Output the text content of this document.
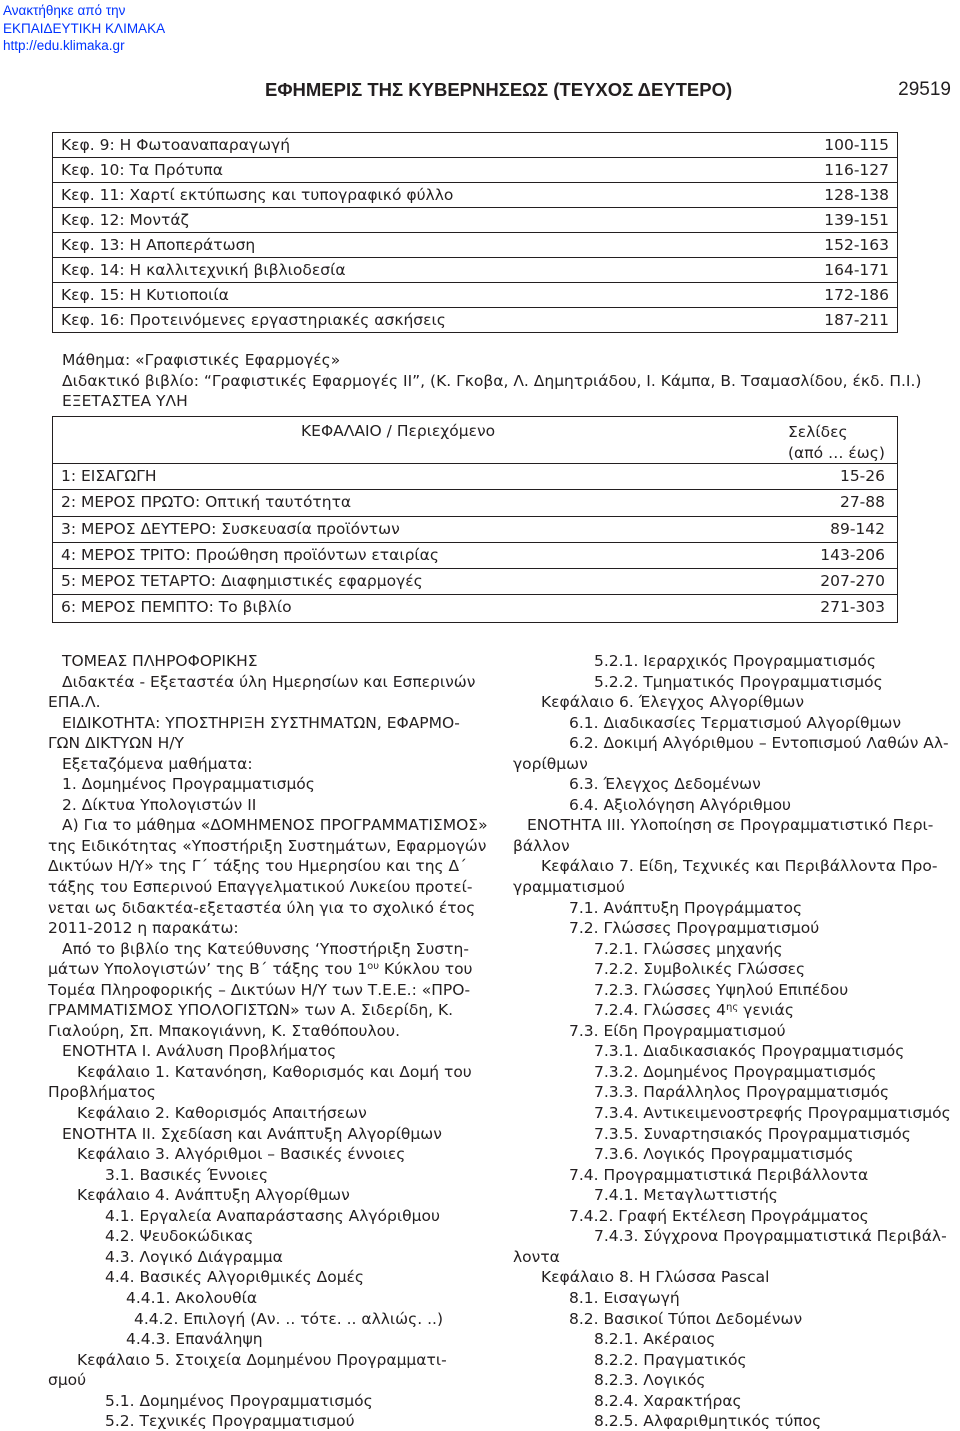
Ανακτήθηκε από την
ΕΚΠΑΙΔΕΥΤΙΚΗ ΚΛΙΜΑΚΑ
http://edu.klimaka.gr
ΕΦΗΜΕΡΙΣ ΤΗΣ ΚΥΒΕΡΝΗΣΕΩΣ (ΤΕΥΧΟΣ ΔΕΥΤΕΡΟ)	29519
Κεφ. 9: Η Φωτοαναπαραγωγή	100-115
Κεφ. 10: Τα Πρότυπα	116-127
Κεφ. 11: Χαρτί εκτύπωσης και τυπογραφικό φύλλο	128-138
Κεφ. 12: Μοντάζ	139-151
Κεφ. 13: Η Αποπεράτωση	152-163
Κεφ. 14: Η καλλιτεχνική βιβλιοδεσία	164-171
Κεφ. 15: Η Κυτιοποιία	172-186
Κεφ. 16: Προτεινόμενες εργαστηριακές ασκήσεις	187-211
Μάθημα: «Γραφιστικές Εφαρμογές»
Διδακτικό βιβλίο: “Γραφιστικές Εφαρμογές ΙΙ”, (Κ. Γκοβα, Λ. Δημητριάδου, Ι. Κάμπα, Β. Τσαμασλίδου, έκδ. Π.Ι.)
ΕΞΕΤΑΣΤΕΑ ΥΛΗ
ΚΕΦΑΛΑΙΟ / Περιεχόμενο	Σελίδες
(από … έως)
1: ΕΙΣΑΓΩΓΗ	15-26
2: ΜΕΡΟΣ ΠΡΩΤΟ: Οπτική ταυτότητα	27-88
3: ΜΕΡΟΣ ΔΕΥΤΕΡΟ: Συσκευασία προϊόντων	89-142
4: ΜΕΡΟΣ ΤΡΙΤΟ: Προώθηση προϊόντων εταιρίας	143-206
5: ΜΕΡΟΣ ΤΕΤΑΡΤΟ: Διαφημιστικές εφαρμογές	207-270
6: ΜΕΡΟΣ ΠΕΜΠΤΟ: Το βιβλίο	271-303
ΤΟΜΕΑΣ ΠΛΗΡΟΦΟΡΙΚΗΣ
Διδακτέα - Εξεταστέα ύλη Ημερησίων και Εσπερινών
ΕΠΑ.Λ.
ΕΙΔΙΚΟΤΗΤΑ: ΥΠΟΣΤΗΡΙΞΗ ΣΥΣΤΗΜΑΤΩΝ, ΕΦΑΡΜΟ-
ΓΩΝ ΔΙΚΤΥΩΝ Η/Υ
Εξεταζόμενα μαθήματα:
1. Δομημένος Προγραμματισμός
2. Δίκτυα Υπολογιστών ΙΙ
Α) Για το μάθημα «ΔΟΜΗΜΕΝΟΣ ΠΡΟΓΡΑΜΜΑΤΙΣΜΟΣ»
της Ειδικότητας «Υποστήριξη Συστημάτων, Εφαρμογών
Δικτύων Η/Υ» της Γ΄ τάξης του Ημερησίου και της Δ΄
τάξης του Εσπερινού Επαγγελματικού Λυκείου προτεί-
νεται ως διδακτέα-εξεταστέα ύλη για το σχολικό έτος
2011-2012 η παρακάτω:
Από το βιβλίο της Κατεύθυνσης ‘Υποστήριξη Συστη-
μάτων Υπολογιστών’ της Β΄ τάξης του $1^{o\upsilon}$ Κύκλου του
Τομέα Πληροφορικής – Δικτύων Η/Υ των Τ.Ε.Ε.: «ΠΡΟ-
ΓΡΑΜΜΑΤΙΣΜΟΣ ΥΠΟΛΟΓΙΣΤΩΝ» των Α. Σιδερίδη, Κ.
Γιαλούρη, Σπ. Μπακογιάννη, Κ. Σταθόπουλου.
ΕΝΟΤΗΤΑ Ι. Ανάλυση Προβλήματος
Κεφάλαιο 1. Κατανόηση, Καθορισμός και Δομή του
Προβλήματος
Κεφάλαιο 2. Καθορισμός Απαιτήσεων
ΕΝΟΤΗΤΑ ΙΙ. Σχεδίαση και Ανάπτυξη Αλγορίθμων
Κεφάλαιο 3. Αλγόριθμοι – Βασικές έννοιες
3.1. Βασικές Έννοιες
Κεφάλαιο 4. Ανάπτυξη Αλγορίθμων
4.1. Εργαλεία Αναπαράστασης Αλγόριθμου
4.2. Ψευδοκώδικας
4.3. Λογικό Διάγραμμα
4.4. Βασικές Αλγοριθμικές Δομές
4.4.1. Ακολουθία
4.4.2. Επιλογή (Αν. .. τότε. .. αλλιώς. ..)
4.4.3. Επανάληψη
Κεφάλαιο 5. Στοιχεία Δομημένου Προγραμματι-
σμού
5.1. Δομημένος Προγραμματισμός
5.2. Τεχνικές Προγραμματισμού
5.2.1. Ιεραρχικός Προγραμματισμός
5.2.2. Τμηματικός Προγραμματισμός
Κεφάλαιο 6. Έλεγχος Αλγορίθμων
6.1. Διαδικασίες Τερματισμού Αλγορίθμων
6.2. Δοκιμή Αλγόριθμου – Εντοπισμού Λαθών Αλ-
γορίθμων
6.3. Έλεγχος Δεδομένων
6.4. Αξιολόγηση Αλγόριθμου
ΕΝΟΤΗΤΑ ΙΙΙ. Υλοποίηση σε Προγραμματιστικό Περι-
βάλλον
Κεφάλαιο 7. Είδη, Τεχνικές και Περιβάλλοντα Προ-
γραμματισμού
7.1. Ανάπτυξη Προγράμματος
7.2. Γλώσσες Προγραμματισμού
7.2.1. Γλώσσες μηχανής
7.2.2. Συμβολικές Γλώσσες
7.2.3. Γλώσσες Υψηλού Επιπέδου
7.2.4. Γλώσσες $4^{\eta\varsigma}$ γενιάς
7.3. Είδη Προγραμματισμού
7.3.1. Διαδικασιακός Προγραμματισμός
7.3.2. Δομημένος Προγραμματισμός
7.3.3. Παράλληλος Προγραμματισμός
7.3.4. Αντικειμενοστρεφής Προγραμματισμός
7.3.5. Συναρτησιακός Προγραμματισμός
7.3.6. Λογικός Προγραμματισμός
7.4. Προγραμματιστικά Περιβάλλοντα
7.4.1. Μεταγλωττιστής
7.4.2. Γραφή Εκτέλεση Προγράμματος
7.4.3. Σύγχρονα Προγραμματιστικά Περιβάλ-
λοντα
Κεφάλαιο 8. Η Γλώσσα Pascal
8.1. Εισαγωγή
8.2. Βασικοί Τύποι Δεδομένων
8.2.1. Ακέραιος
8.2.2. Πραγματικός
8.2.3. Λογικός
8.2.4. Χαρακτήρας
8.2.5. Αλφαριθμητικός τύπος
